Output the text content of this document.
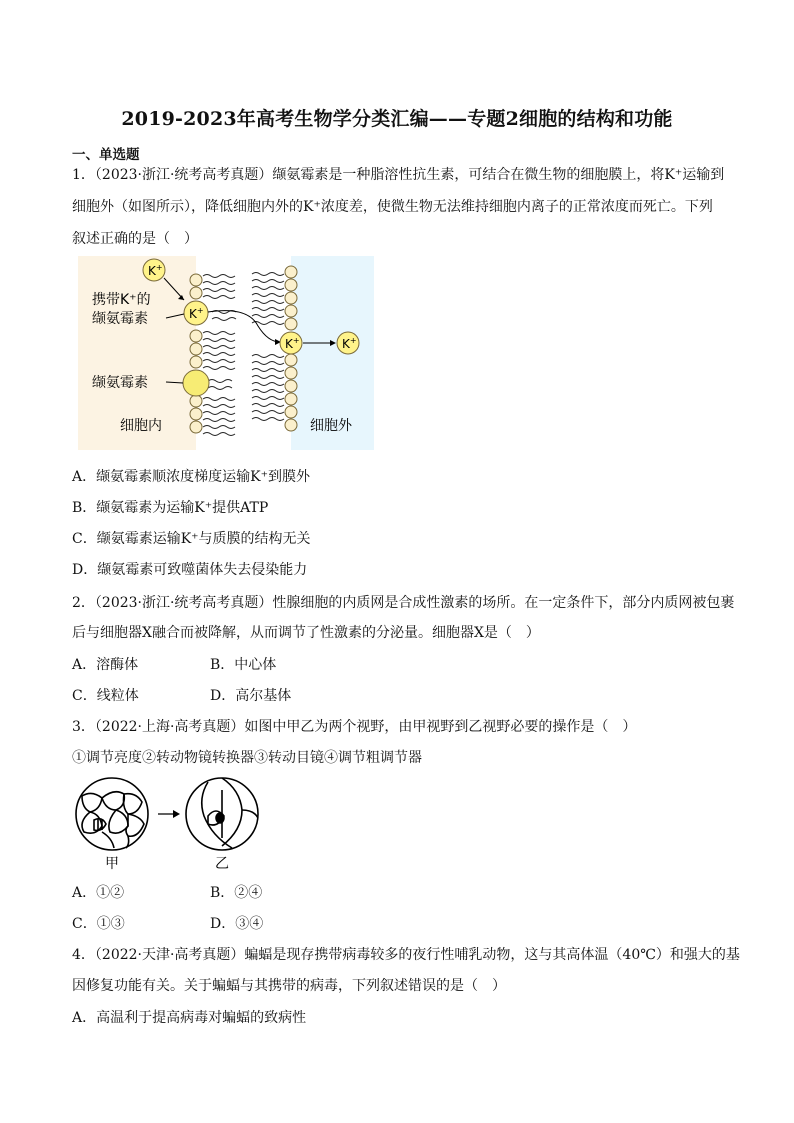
2019-2023年高考生物学分类汇编——专题2细胞的结构和功能
一、单选题
1．（2023·浙江·统考高考真题）缬氨霉素是一种脂溶性抗生素，可结合在微生物的细胞膜上，将K⁺运输到
细胞外（如图所示），降低细胞内外的K⁺浓度差，使微生物无法维持细胞内离子的正常浓度而死亡。下列
叙述正确的是（　）
K+
K+
K+	K+
携带K⁺的
缬氨霉素
缬氨霉素
细胞内	细胞外
A．缬氨霉素顺浓度梯度运输K⁺到膜外
B．缬氨霉素为运输K⁺提供ATP
C．缬氨霉素运输K⁺与质膜的结构无关
D．缬氨霉素可致噬菌体失去侵染能力
2．（2023·浙江·统考高考真题）性腺细胞的内质网是合成性激素的场所。在一定条件下，部分内质网被包裹
后与细胞器X融合而被降解，从而调节了性激素的分泌量。细胞器X是（　）
A．溶酶体	B．中心体
C．线粒体	D．高尔基体
3．（2022·上海·高考真题）如图中甲乙为两个视野，由甲视野到乙视野必要的操作是（　）
①调节亮度②转动物镜转换器③转动目镜④调节粗调节器
甲	乙
A．①②	B．②④
C．①③	D．③④
4．（2022·天津·高考真题）蝙蝠是现存携带病毒较多的夜行性哺乳动物，这与其高体温（40℃）和强大的基
因修复功能有关。关于蝙蝠与其携带的病毒，下列叙述错误的是（　）
A．高温利于提高病毒对蝙蝠的致病性
